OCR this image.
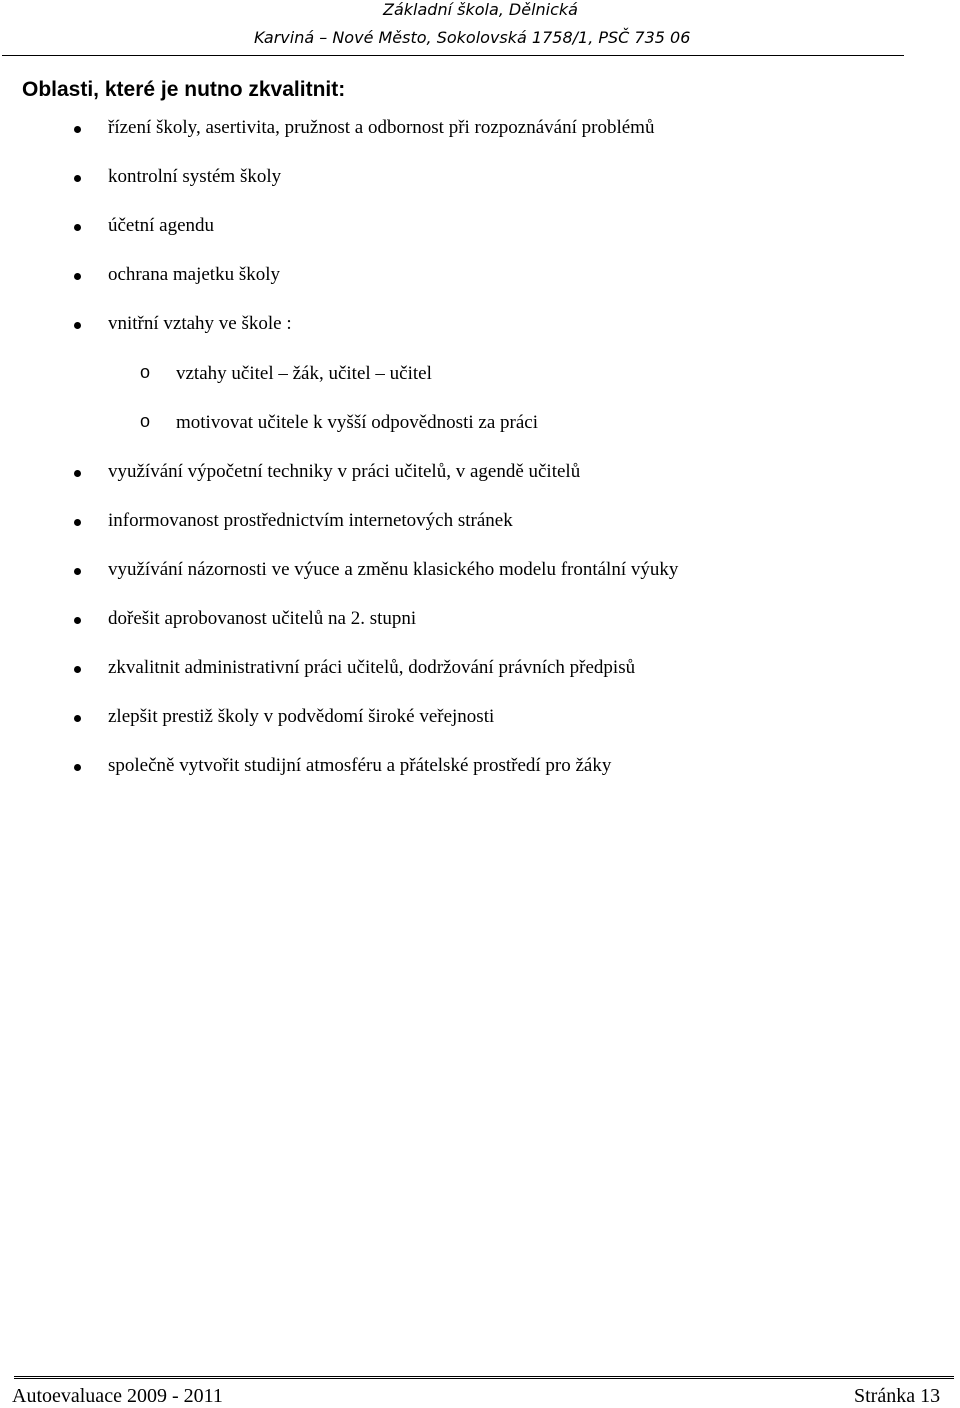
Základní škola, Dělnická
Karviná – Nové Město, Sokolovská 1758/1, PSČ 735 06
Oblasti, které je nutno zkvalitnit:
řízení školy, asertivita, pružnost a odbornost při rozpoznávání problémů
kontrolní systém školy
účetní agendu
ochrana majetku školy
vnitřní vztahy ve škole :
o vztahy učitel – žák, učitel – učitel
o motivovat učitele k vyšší odpovědnosti za práci
využívání výpočetní techniky v práci učitelů, v agendě učitelů
informovanost prostřednictvím internetových stránek
využívání názornosti ve výuce a změnu klasického modelu frontální výuky
dořešit aprobovanost učitelů na 2. stupni
zkvalitnit administrativní práci učitelů, dodržování právních předpisů
zlepšit prestiž školy v podvědomí široké veřejnosti
společně vytvořit studijní atmosféru a přátelské prostředí pro žáky
Autoevaluace 2009 - 2011	Stránka 13
